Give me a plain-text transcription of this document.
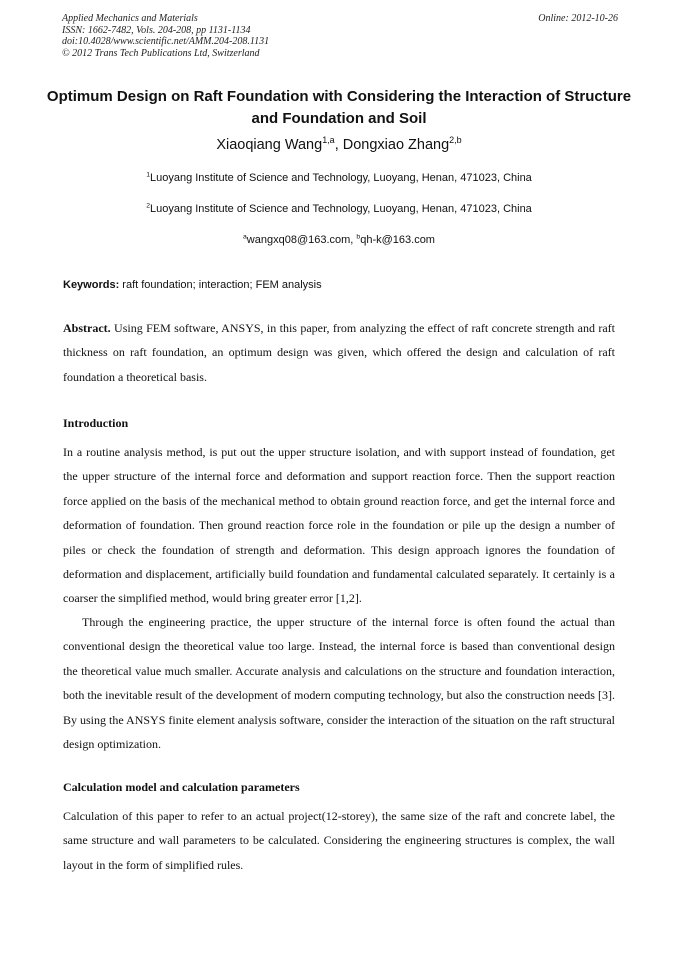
Applied Mechanics and Materials
ISSN: 1662-7482, Vols. 204-208, pp 1131-1134
doi:10.4028/www.scientific.net/AMM.204-208.1131
© 2012 Trans Tech Publications Ltd, Switzerland
Online: 2012-10-26
Optimum Design on Raft Foundation with Considering the Interaction of Structure and Foundation and Soil
Xiaoqiang Wang$^{1,a}$, Dongxiao Zhang$^{2,b}$
$^1$Luoyang Institute of Science and Technology, Luoyang, Henan, 471023, China
$^2$Luoyang Institute of Science and Technology, Luoyang, Henan, 471023, China
$^a$wangxq08@163.com, $^b$qh-k@163.com
Keywords: raft foundation; interaction; FEM analysis
Abstract. Using FEM software, ANSYS, in this paper, from analyzing the effect of raft concrete strength and raft thickness on raft foundation, an optimum design was given, which offered the design and calculation of raft foundation a theoretical basis.
Introduction
In a routine analysis method, is put out the upper structure isolation, and with support instead of foundation, get the upper structure of the internal force and deformation and support reaction force. Then the support reaction force applied on the basis of the mechanical method to obtain ground reaction force, and get the internal force and deformation of foundation. Then ground reaction force role in the foundation or pile up the design a number of piles or check the foundation of strength and deformation. This design approach ignores the foundation of deformation and displacement, artificially build foundation and fundamental calculated separately. It certainly is a coarser the simplified method, would bring greater error [1,2].
Through the engineering practice, the upper structure of the internal force is often found the actual than conventional design the theoretical value too large. Instead, the internal force is based than conventional design the theoretical value much smaller. Accurate analysis and calculations on the structure and foundation interaction, both the inevitable result of the development of modern computing technology, but also the construction needs [3]. By using the ANSYS finite element analysis software, consider the interaction of the situation on the raft structural design optimization.
Calculation model and calculation parameters
Calculation of this paper to refer to an actual project(12-storey), the same size of the raft and concrete label, the same structure and wall parameters to be calculated. Considering the engineering structures is complex, the wall layout in the form of simplified rules.
